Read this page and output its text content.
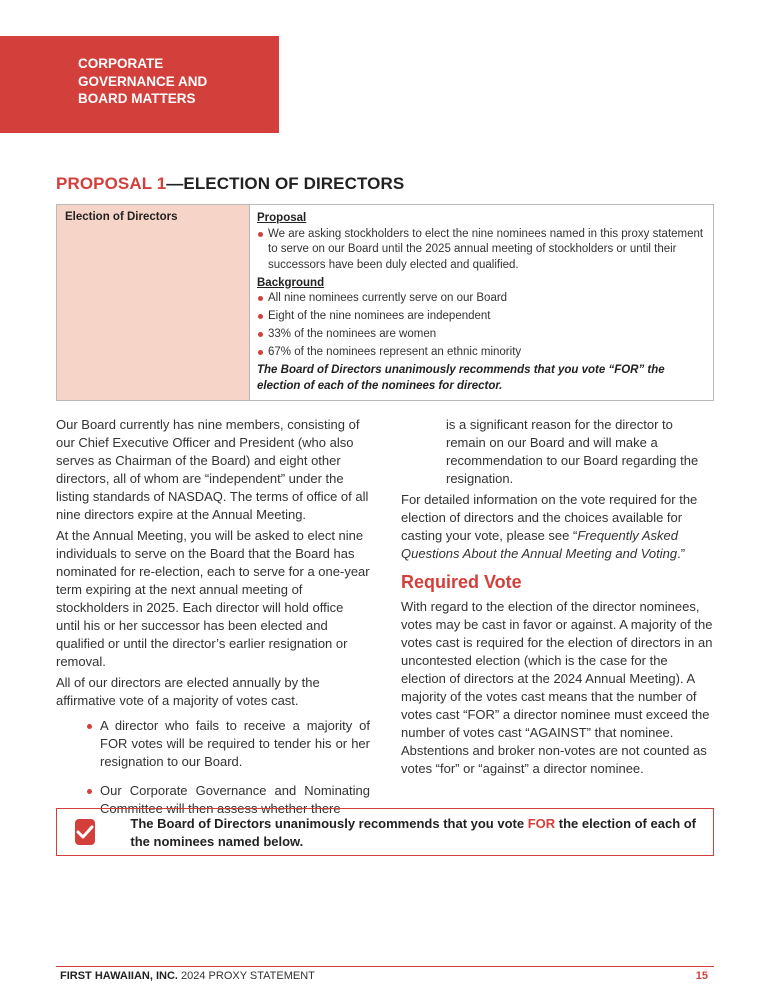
CORPORATE
GOVERNANCE AND
BOARD MATTERS
PROPOSAL 1—ELECTION OF DIRECTORS
Election of Directors	Proposal
We are asking stockholders to elect the nine nominees named in this proxy statement to serve on our Board until the 2025 annual meeting of stockholders or until their successors have been duly elected and qualified.
Background
All nine nominees currently serve on our Board
Eight of the nine nominees are independent
33% of the nominees are women
67% of the nominees represent an ethnic minority
The Board of Directors unanimously recommends that you vote “FOR” the election of each of the nominees for director.

Our Board currently has nine members, consisting of our Chief Executive Officer and President (who also serves as Chairman of the Board) and eight other directors, all of whom are “independent” under the listing standards of NASDAQ. The terms of office of all nine directors expire at the Annual Meeting.

At the Annual Meeting, you will be asked to elect nine individuals to serve on the Board that the Board has nominated for re-election, each to serve for a one-year term expiring at the next annual meeting of stockholders in 2025. Each director will hold office until his or her successor has been elected and qualified or until the director’s earlier resignation or removal.

All of our directors are elected annually by the affirmative vote of a majority of votes cast.

A director who fails to receive a majority of FOR votes will be required to tender his or her resignation to our Board.
Our Corporate Governance and Nominating Committee will then assess whether there

is a significant reason for the director to remain on our Board and will make a recommendation to our Board regarding the resignation.

For detailed information on the vote required for the election of directors and the choices available for casting your vote, please see “Frequently Asked Questions About the Annual Meeting and Voting.”

Required Vote

With regard to the election of the director nominees, votes may be cast in favor or against. A majority of the votes cast is required for the election of directors in an uncontested election (which is the case for the election of directors at the 2024 Annual Meeting). A majority of the votes cast means that the number of votes cast “FOR” a director nominee must exceed the number of votes cast “AGAINST” that nominee. Abstentions and broker non-votes are not counted as votes “for” or “against” a director nominee.

The Board of Directors unanimously recommends that you vote FOR the election of each of the nominees named below.
FIRST HAWAIIAN, INC. 2024 PROXY STATEMENT	15
